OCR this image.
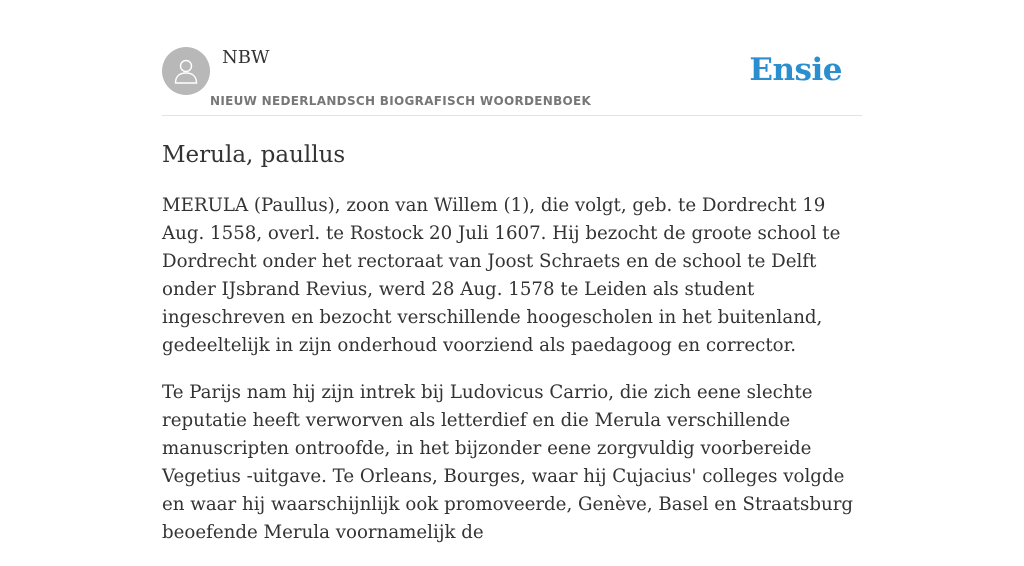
NBW
NIEUW NEDERLANDSCH BIOGRAFISCH WOORDENBOEK
Ensie
Merula, paullus

MERULA (Paullus), zoon van Willem (1), die volgt, geb. te Dordrecht 19 Aug. 1558, overl. te Rostock 20 Juli 1607. Hij bezocht de groote school te Dordrecht onder het rectoraat van Joost Schraets en de school te Delft onder IJsbrand Revius, werd 28 Aug. 1578 te Leiden als student ingeschreven en bezocht verschillende hoogescholen in het buitenland, gedeeltelijk in zijn onderhoud voorziend als paedagoog en corrector.

Te Parijs nam hij zijn intrek bij Ludovicus Carrio, die zich eene slechte reputatie heeft verworven als letterdief en die Merula verschillende manuscripten ontroofde, in het bijzonder eene zorgvuldig voorbereide Vegetius -uitgave. Te Orleans, Bourges, waar hij Cujacius' colleges volgde en waar hij waarschijnlijk ook promoveerde, Genève, Basel en Straatsburg beoefende Merula voornamelijk de
